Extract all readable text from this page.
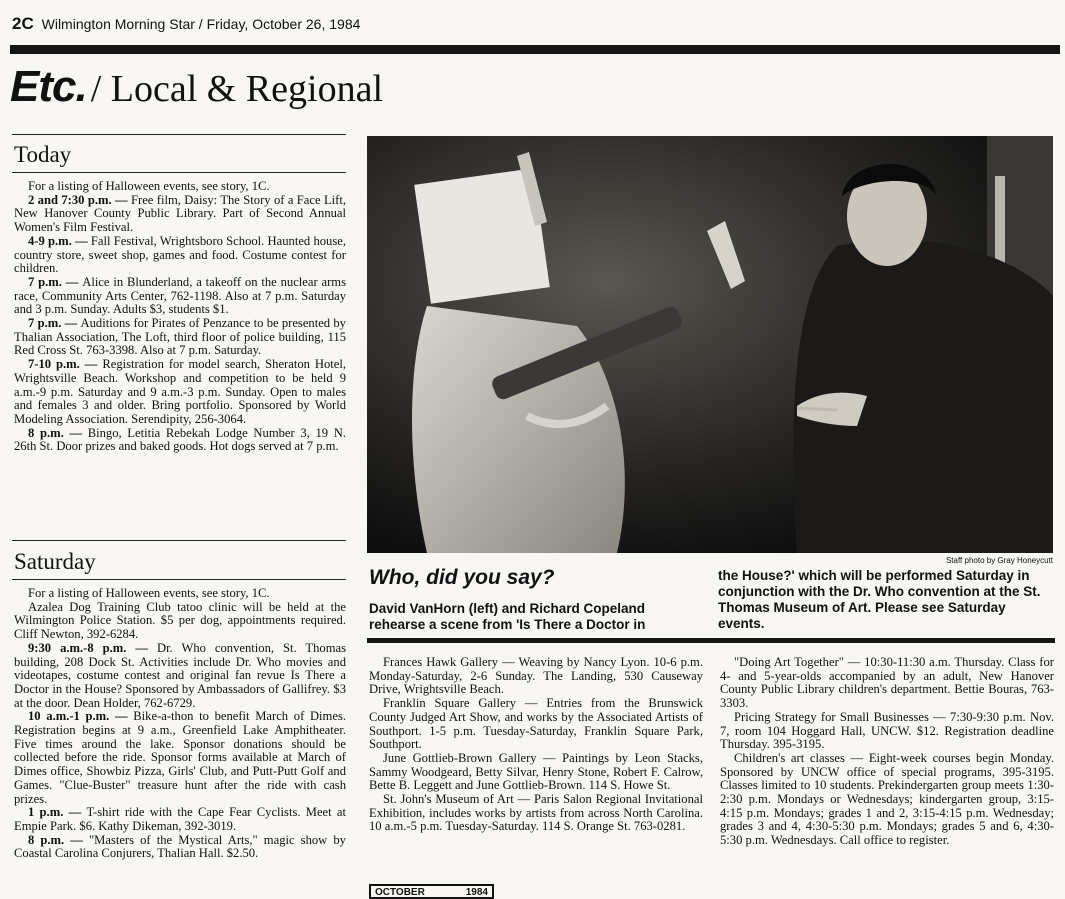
2C Wilmington Morning Star / Friday, October 26, 1984
Etc. / Local & Regional
Today

For a listing of Halloween events, see story, 1C.

2 and 7:30 p.m. — Free film, Daisy: The Story of a Face Lift, New Hanover County Public Library. Part of Second Annual Women's Film Festival.

4-9 p.m. — Fall Festival, Wrightsboro School. Haunted house, country store, sweet shop, games and food. Costume contest for children.

7 p.m. — Alice in Blunderland, a takeoff on the nuclear arms race, Community Arts Center, 762-1198. Also at 7 p.m. Saturday and 3 p.m. Sunday. Adults $3, students $1.

7 p.m. — Auditions for Pirates of Penzance to be presented by Thalian Association, The Loft, third floor of police building, 115 Red Cross St. 763-3398. Also at 7 p.m. Saturday.

7-10 p.m. — Registration for model search, Sheraton Hotel, Wrightsville Beach. Workshop and competition to be held 9 a.m.-9 p.m. Saturday and 9 a.m.-3 p.m. Sunday. Open to males and females 3 and older. Bring portfolio. Sponsored by World Modeling Association. Serendipity, 256-3064.

8 p.m. — Bingo, Letitia Rebekah Lodge Number 3, 19 N. 26th St. Door prizes and baked goods. Hot dogs served at 7 p.m.

Saturday

For a listing of Halloween events, see story, 1C.

Azalea Dog Training Club tatoo clinic will be held at the Wilmington Police Station. $5 per dog, appointments required. Cliff Newton, 392-6284.

9:30 a.m.-8 p.m. — Dr. Who convention, St. Thomas building, 208 Dock St. Activities include Dr. Who movies and videotapes, costume contest and original fan revue Is There a Doctor in the House? Sponsored by Ambassadors of Gallifrey. $3 at the door. Dean Holder, 762-6729.

10 a.m.-1 p.m. — Bike-a-thon to benefit March of Dimes. Registration begins at 9 a.m., Greenfield Lake Amphitheater. Five times around the lake. Sponsor donations should be collected before the ride. Sponsor forms available at March of Dimes office, Showbiz Pizza, Girls' Club, and Putt-Putt Golf and Games. "Clue-Buster" treasure hunt after the ride with cash prizes.

1 p.m. — T-shirt ride with the Cape Fear Cyclists. Meet at Empie Park. $6. Kathy Dikeman, 392-3019.

8 p.m. — "Masters of the Mystical Arts," magic show by Coastal Carolina Conjurers, Thalian Hall. $2.50.

Staff photo by Gray Honeycutt
Who, did you say?
David VanHorn (left) and Richard Copeland rehearse a scene from 'Is There a Doctor in
the House?' which will be performed Saturday in conjunction with the Dr. Who convention at the St. Thomas Museum of Art. Please see Saturday events.

Frances Hawk Gallery — Weaving by Nancy Lyon. 10-6 p.m. Monday-Saturday, 2-6 Sunday. The Landing, 530 Causeway Drive, Wrightsville Beach.

Franklin Square Gallery — Entries from the Brunswick County Judged Art Show, and works by the Associated Artists of Southport. 1-5 p.m. Tuesday-Saturday, Franklin Square Park, Southport.

June Gottlieb-Brown Gallery — Paintings by Leon Stacks, Sammy Woodgeard, Betty Silvar, Henry Stone, Robert F. Calrow, Bette B. Leggett and June Gottlieb-Brown. 114 S. Howe St.

St. John's Museum of Art — Paris Salon Regional Invitational Exhibition, includes works by artists from across North Carolina. 10 a.m.-5 p.m. Tuesday-Saturday. 114 S. Orange St. 763-0281.

"Doing Art Together" — 10:30-11:30 a.m. Thursday. Class for 4- and 5-year-olds accompanied by an adult, New Hanover County Public Library children's department. Bettie Bouras, 763-3303.

Pricing Strategy for Small Businesses — 7:30-9:30 p.m. Nov. 7, room 104 Hoggard Hall, UNCW. $12. Registration deadline Thursday. 395-3195.

Children's art classes — Eight-week courses begin Monday. Sponsored by UNCW office of special programs, 395-3195. Classes limited to 10 students. Prekindergarten group meets 1:30-2:30 p.m. Mondays or Wednesdays; kindergarten group, 3:15-4:15 p.m. Mondays; grades 1 and 2, 3:15-4:15 p.m. Wednesday; grades 3 and 4, 4:30-5:30 p.m. Mondays; grades 5 and 6, 4:30-5:30 p.m. Wednesdays. Call office to register.

OCTOBER	1984
